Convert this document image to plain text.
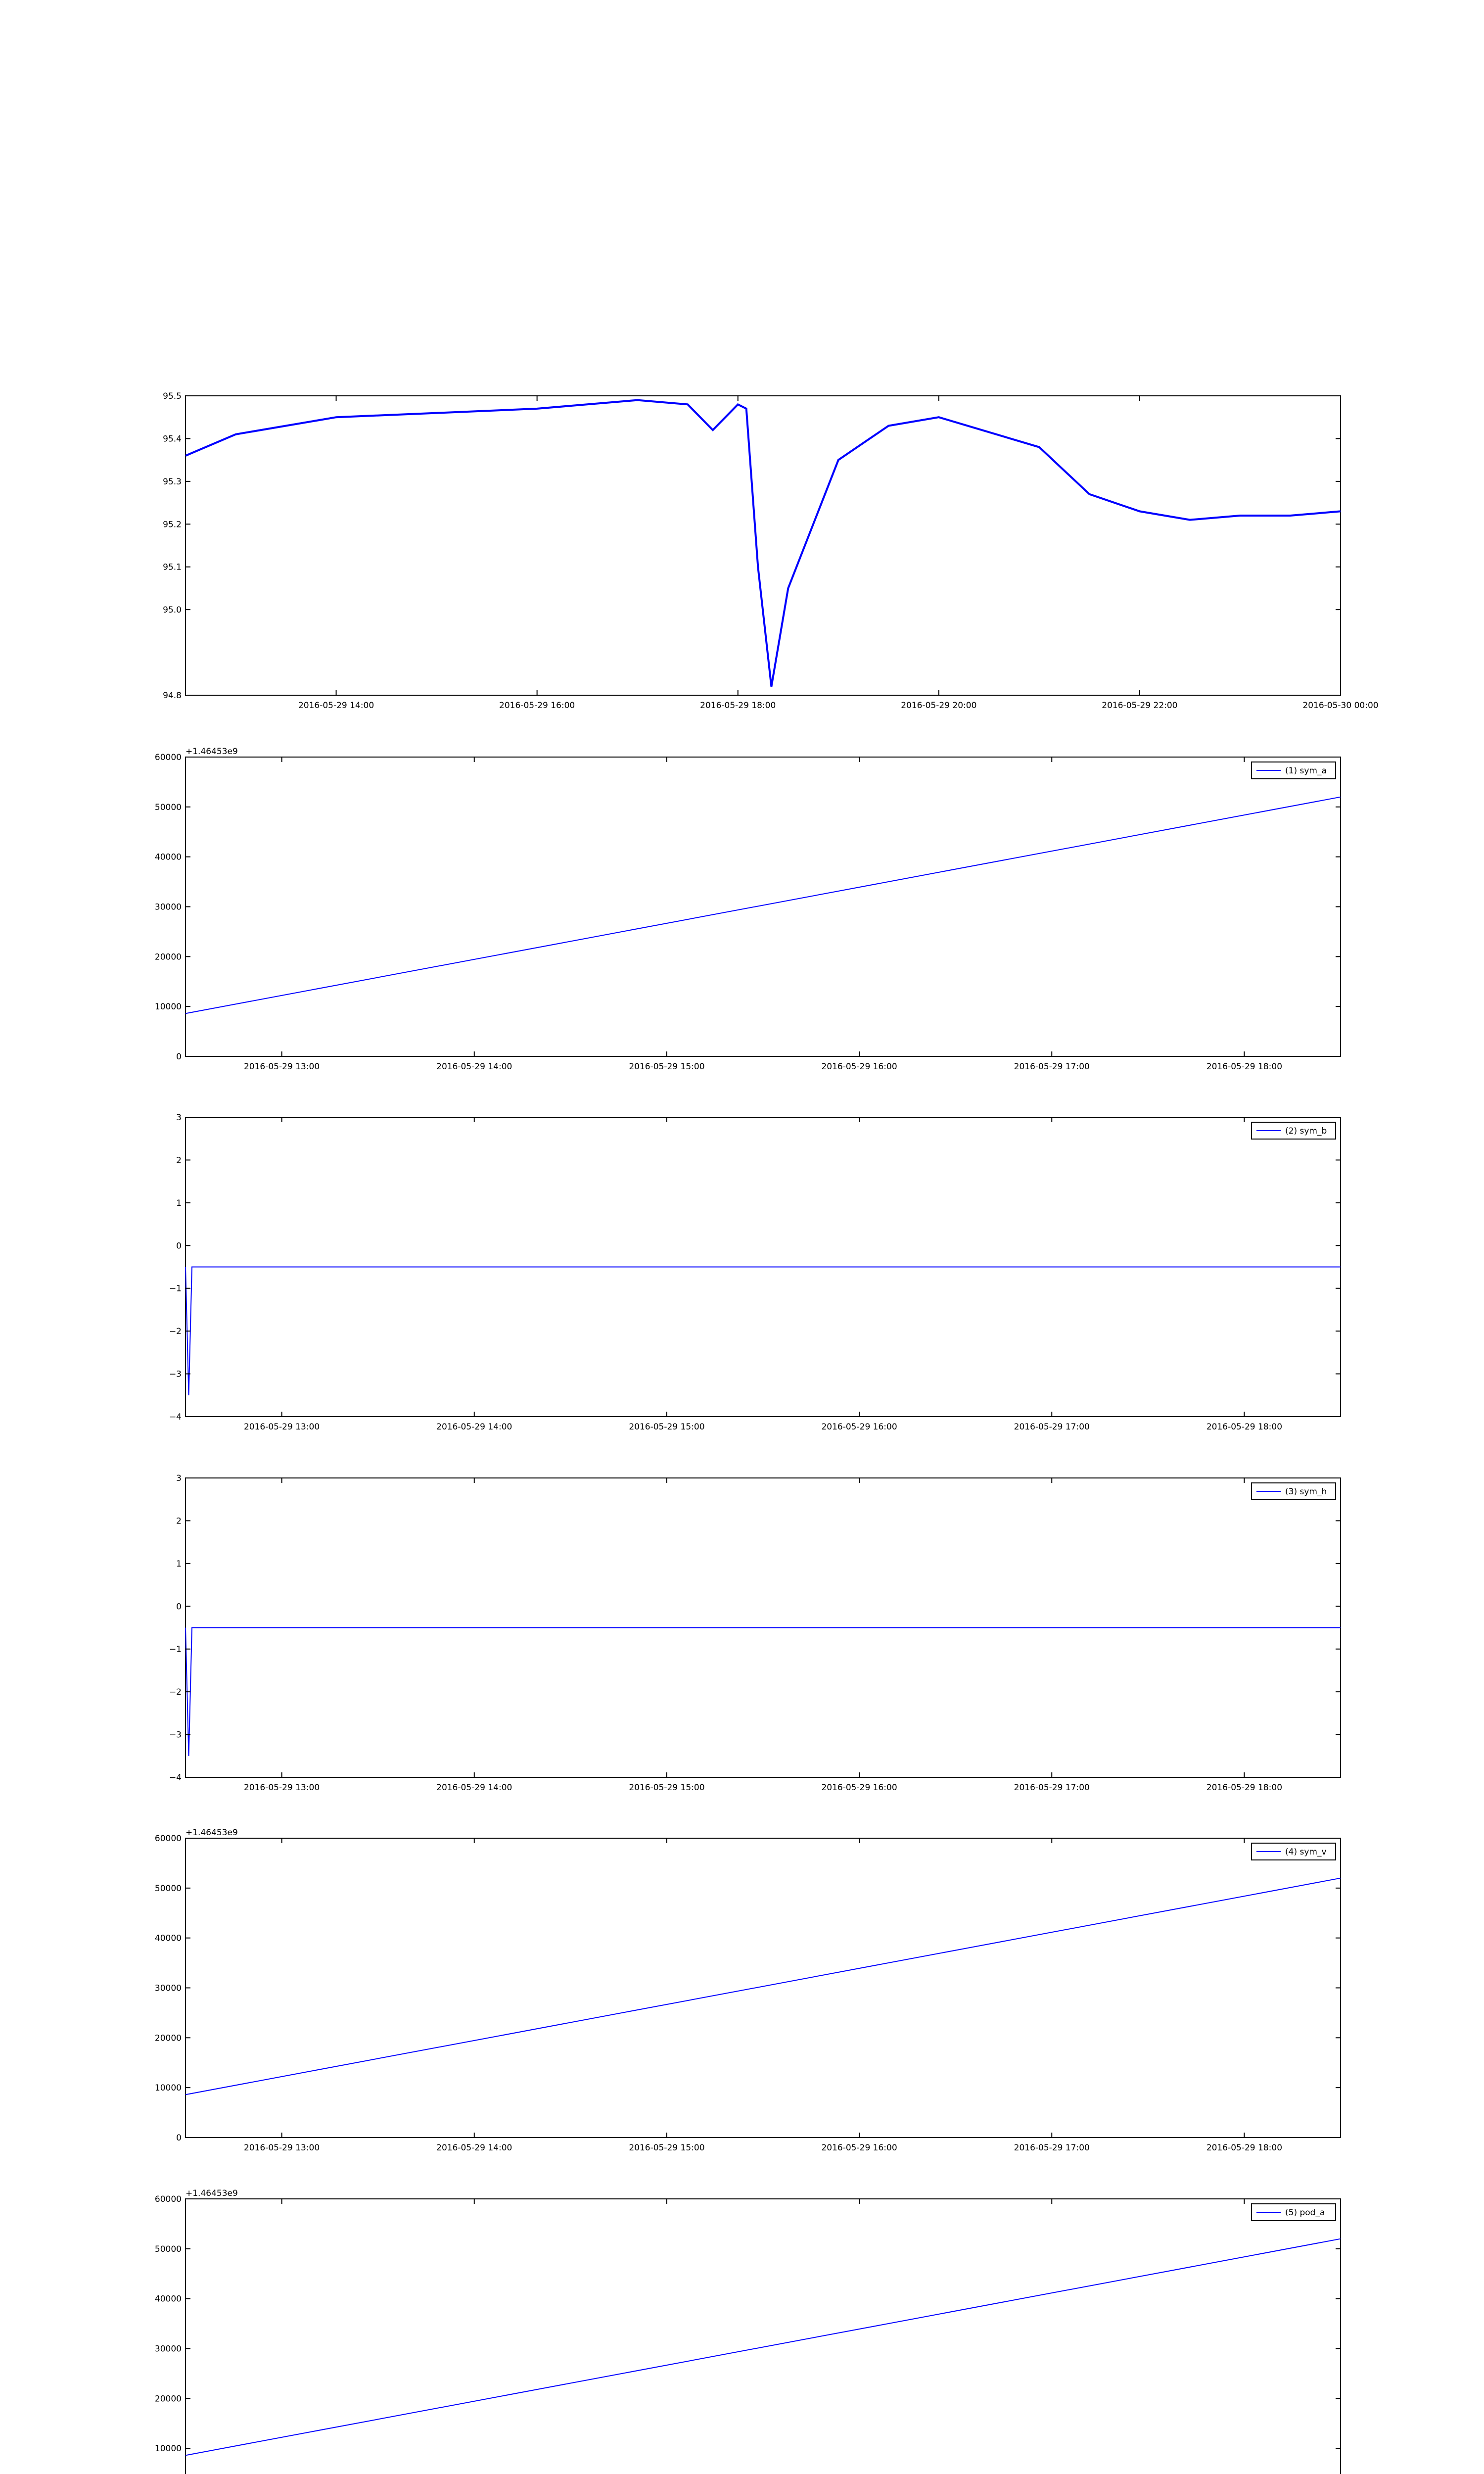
94.8
95.0
95.1
95.2
95.3
95.4
95.5
2016-05-29 14:00	2016-05-29 16:00	2016-05-29 18:00	2016-05-29 20:00	2016-05-29 22:00	2016-05-30 00:00
0
10000
20000
30000
40000
50000
60000
2016-05-29 13:00	2016-05-29 14:00	2016-05-29 15:00	2016-05-29 16:00	2016-05-29 17:00	2016-05-29 18:00
+1.46453e9
(1) sym_a
−4
−3
−2
−1
0
1
2
3
2016-05-29 13:00	2016-05-29 14:00	2016-05-29 15:00	2016-05-29 16:00	2016-05-29 17:00	2016-05-29 18:00
(2) sym_b
−4
−3
−2
−1
0
1
2
3
2016-05-29 13:00	2016-05-29 14:00	2016-05-29 15:00	2016-05-29 16:00	2016-05-29 17:00	2016-05-29 18:00
(3) sym_h
0
10000
20000
30000
40000
50000
60000
2016-05-29 13:00	2016-05-29 14:00	2016-05-29 15:00	2016-05-29 16:00	2016-05-29 17:00	2016-05-29 18:00
+1.46453e9
(4) sym_v
10000
20000
30000
40000
50000
60000
+1.46453e9
(5) pod_a
